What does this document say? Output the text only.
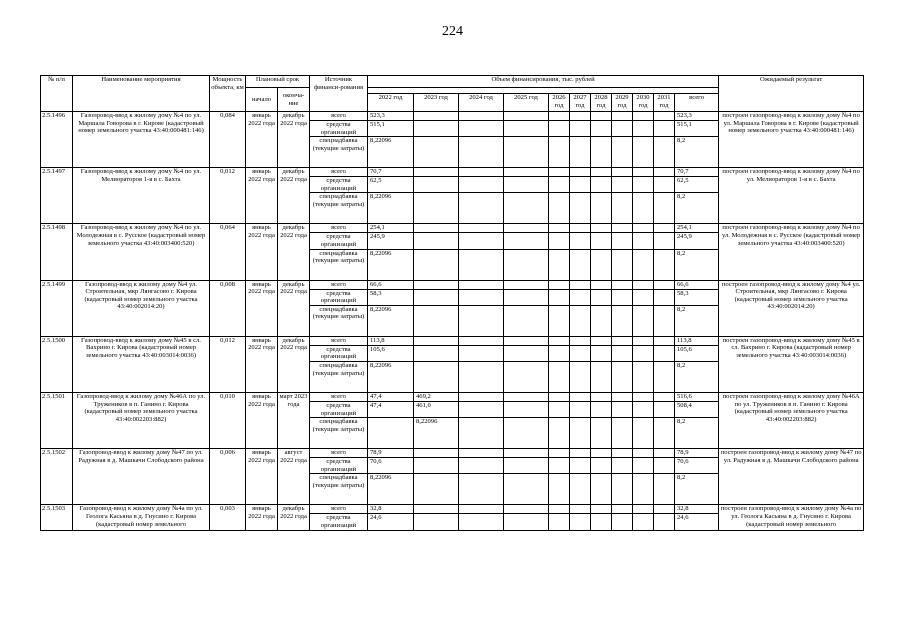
224
№ п/п	Наименование мероприятия	Мощность объекта, км	Плановый срок		Источник финанси-рования	Объем финансирования, тыс. рублей											Ожидаемый результат
			начало	оконча-ние													
						2022 год	2023 год	2024 год	2025 год	2026 год	2027 год	2028 год	2029 год	2030 год	2031 год	всего	
2.5.1496	Газопровод-ввод к жилому дому №4 по ул. Маршала Говорова в г. Кирове (кадастровый номер земельного участка 43:40:000481:146)	0,084	январь 2022 года	декабрь 2022 года	всего	523,3										523,3	построен газопровод-ввод к жилому дому №4 по ул. Маршала Говорова в г. Кирове (кадастровый номер земельного участка 43:40:000481:146)
					средства организаций	515,1										515,1	
					спецнадбавка (текущие затраты)	8,22096										8,2	
2.5.1497	Газопровод-ввод к жилому дому №4 по ул. Мелиораторов 1-я в с. Бахта	0,012	январь 2022 года	декабрь 2022 года	всего	70,7										70,7	построен газопровод-ввод к жилому дому №4 по ул. Мелиораторов 1-я в с. Бахта
					средства организаций	62,5										62,5	
					спецнадбавка (текущие затраты)	8,22096										8,2	
2.5.1498	Газопровод-ввод к жилому дому №4 по ул. Молодежная в с. Русское (кадастровый номер земельного участка 43:40:003400:520)	0,064	январь 2022 года	декабрь 2022 года	всего	254,1										254,1	построен газопровод-ввод к жилому дому №4 по ул. Молодежная в с. Русское (кадастровый номер земельного участка 43:40:003400:520)
					средства организаций	245,9										245,9	
					спецнадбавка (текущие затраты)	8,22096										8,2	
2.5.1499	Газопровод-ввод к жилому дому №4 ул. Строительная, мкр Лянгасово г. Кирова (кадастровый номер земельного участка 43:40:002014:20)	0,008	январь 2022 года	декабрь 2022 года	всего	66,6										66,6	построен газопровод-ввод к жилому дому №4 ул. Строительная, мкр Лянгасово г. Кирова (кадастровый номер земельного участка 43:40:002014:20)
					средства организаций	58,3										58,3	
					спецнадбавка (текущие затраты)	8,22096										8,2	
2.5.1500	Газопровод-ввод к жилому дому №45 в сл. Вахрино г. Кирова (кадастровый номер земельного участка 43:40:003014:0036)	0,012	январь 2022 года	декабрь 2022 года	всего	113,8										113,8	построен газопровод-ввод к жилому дому №45 в сл. Вахрино г. Кирова (кадастровый номер земельного участка 43:40:003014:0036)
					средства организаций	105,6										105,6	
					спецнадбавка (текущие затраты)	8,22096										8,2	
2.5.1501	Газопровод-ввод к жилому дому №46А по ул. Тружеников в п. Ганино г. Кирова (кадастровый номер земельного участка 43:40:002203:882)	0,010	январь 2022 года	март 2023 года	всего	47,4	469,2									516,6	построен газопровод-ввод к жилому дому №46А по ул. Тружеников в п. Ганино г. Кирова (кадастровый номер земельного участка 43:40:002203:882)
					средства организаций	47,4	461,0									508,4	
					спецнадбавка (текущие затраты)		8,22096									8,2	
2.5.1502	Газопровод-ввод к жилому дому №47 по ул. Радужная в д. Машкачи Слободского района	0,006	январь 2022 года	август 2022 года	всего	78,9										78,9	построен газопровод-ввод к жилому дому №47 по ул. Радужная в д. Машкачи Слободского района
					средства организаций	70,6										70,6	
					спецнадбавка (текущие затраты)	8,22096										8,2	
2.5.1503	Газопровод-ввод к жилому дому №4а по ул. Геолога Касьяна в д. Гнусино г. Кирова (кадастровый номер земельного	0,003	январь 2022 года	декабрь 2022 года	всего	32,8										32,8	построен газопровод-ввод к жилому дому №4а по ул. Геолога Касьяна в д. Гнусино г. Кирова (кадастровый номер земельного
					средства организаций	24,6										24,6	
